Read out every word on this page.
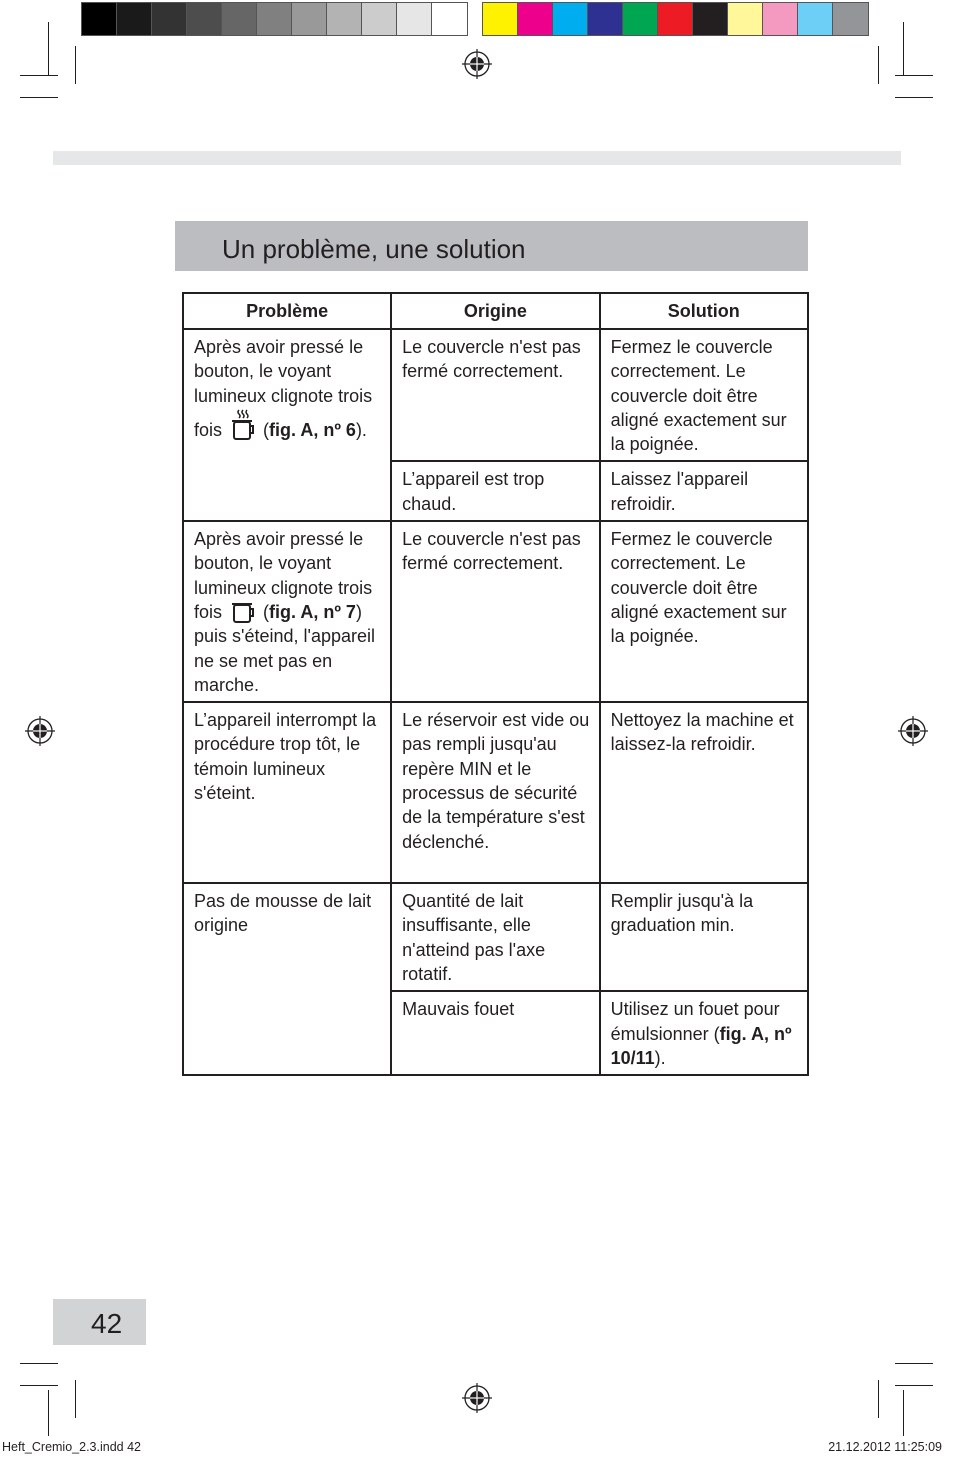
Un problème, une solution
Problème	Origine	Solution
Après avoir pressé le bouton, le voyant lumineux clignote trois fois  (fig. A, nº 6).	Le couvercle n'est pas fermé correctement.	Fermez le couvercle correctement. Le couvercle doit être aligné exactement sur la poignée.
	L’appareil est trop chaud.	Laissez l'appareil refroidir.
Après avoir pressé le bouton, le voyant lumineux clignote trois fois  (fig. A, nº 7) puis s'éteind, l'appareil ne se met pas en marche.	Le couvercle n'est pas fermé correctement.	Fermez le couvercle correctement. Le couvercle doit être aligné exactement sur la poignée.
L’appareil interrompt la procédure trop tôt, le témoin lumineux s'éteint.	Le réservoir est vide ou pas rempli jusqu'au repère MIN et le processus de sécurité de la température s'est déclenché.	Nettoyez la machine et laissez-la refroidir.
Pas de mousse de lait origine	Quantité de lait insuffisante, elle n'atteind pas l'axe rotatif.	Remplir jusqu'à la graduation min.
	Mauvais fouet	Utilisez un fouet pour émulsionner (fig. A, nº 10/11).
42
Heft_Cremio_2.3.indd 42	21.12.2012 11:25:09
